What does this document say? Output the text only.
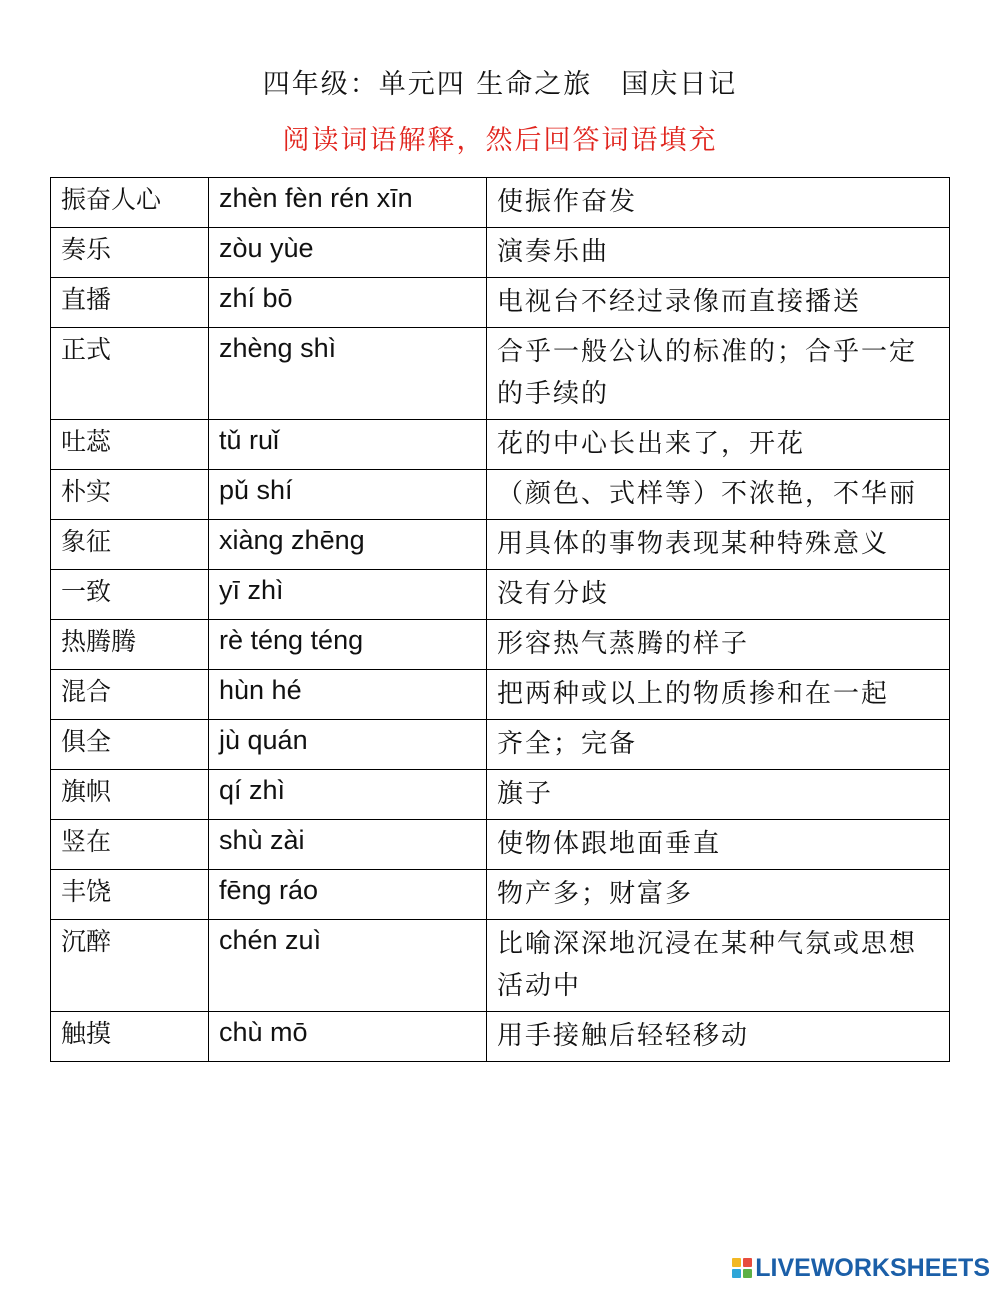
四年级：单元四 生命之旅　国庆日记
阅读词语解释，然后回答词语填充
振奋人心	zhèn fèn rén xīn	使振作奋发
奏乐	zòu yùe	演奏乐曲
直播	zhí bō	电视台不经过录像而直接播送
正式	zhèng shì	合乎一般公认的标准的；合乎一定的手续的
吐蕊	tǔ ruǐ	花的中心长出来了，开花
朴实	pǔ shí	（颜色、式样等）不浓艳，不华丽
象征	xiàng zhēng	用具体的事物表现某种特殊意义
一致	yī zhì	没有分歧
热腾腾	rè téng téng	形容热气蒸腾的样子
混合	hùn hé	把两种或以上的物质掺和在一起
俱全	jù quán	齐全；完备
旗帜	qí zhì	旗子
竖在	shù zài	使物体跟地面垂直
丰饶	fēng ráo	物产多；财富多
沉醉	chén zuì	比喻深深地沉浸在某种气氛或思想活动中
触摸	chù mō	用手接触后轻轻移动
LIVEWORKSHEETS
